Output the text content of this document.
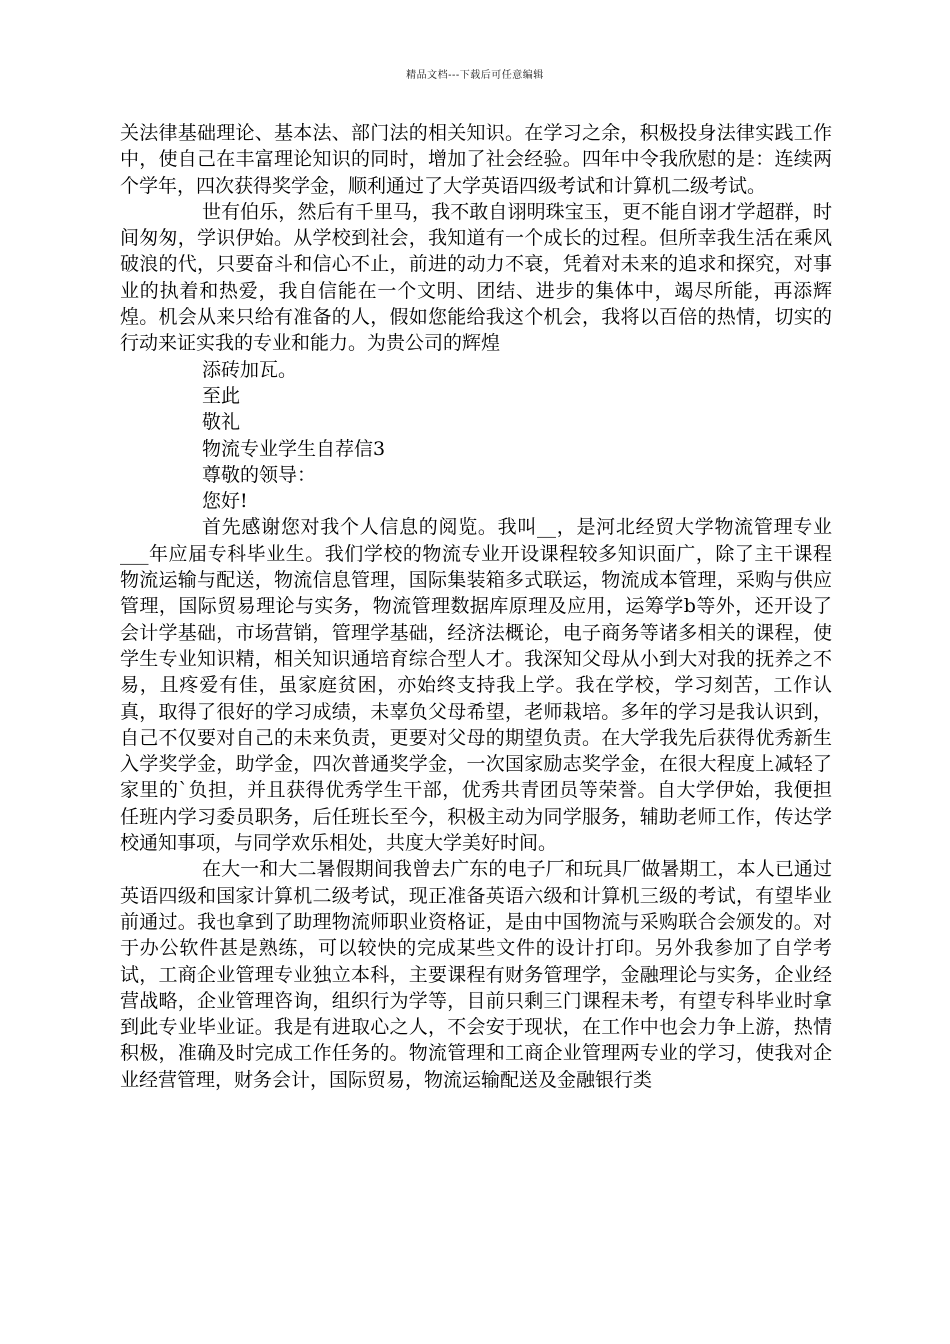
精品文档---下载后可任意编辑

关法律基础理论、基本法、部门法的相关知识。在学习之余，积极投身法律实践工作中，使自己在丰富理论知识的同时，增加了社会经验。四年中令我欣慰的是：连续两个学年，四次获得奖学金，顺利通过了大学英语四级考试和计算机二级考试。

世有伯乐，然后有千里马，我不敢自诩明珠宝玉，更不能自诩才学超群，时间匆匆，学识伊始。从学校到社会，我知道有一个成长的过程。但所幸我生活在乘风破浪的代，只要奋斗和信心不止，前进的动力不衰，凭着对未来的追求和探究，对事业的执着和热爱，我自信能在一个文明、团结、进步的集体中，竭尽所能，再添辉煌。机会从来只给有准备的人，假如您能给我这个机会，我将以百倍的热情，切实的行动来证实我的专业和能力。为贵公司的辉煌

添砖加瓦。

至此

敬礼

物流专业学生自荐信3

尊敬的领导：

您好!

首先感谢您对我个人信息的阅览。我叫__，是河北经贸大学物流管理专业___年应届专科毕业生。我们学校的物流专业开设课程较多知识面广，除了主干课程物流运输与配送，物流信息管理，国际集装箱多式联运，物流成本管理，采购与供应管理，国际贸易理论与实务，物流管理数据库原理及应用，运筹学b等外，还开设了会计学基础，市场营销，管理学基础，经济法概论，电子商务等诸多相关的课程，使学生专业知识精，相关知识通培育综合型人才。我深知父母从小到大对我的抚养之不易，且疼爱有佳，虽家庭贫困，亦始终支持我上学。我在学校，学习刻苦，工作认真，取得了很好的学习成绩，未辜负父母希望，老师栽培。多年的学习是我认识到，自己不仅要对自己的未来负责，更要对父母的期望负责。在大学我先后获得优秀新生入学奖学金，助学金，四次普通奖学金，一次国家励志奖学金，在很大程度上减轻了家里的`负担，并且获得优秀学生干部，优秀共青团员等荣誉。自大学伊始，我便担任班内学习委员职务，后任班长至今，积极主动为同学服务，辅助老师工作，传达学校通知事项，与同学欢乐相处，共度大学美好时间。

在大一和大二暑假期间我曾去广东的电子厂和玩具厂做暑期工，本人已通过英语四级和国家计算机二级考试，现正准备英语六级和计算机三级的考试，有望毕业前通过。我也拿到了助理物流师职业资格证，是由中国物流与采购联合会颁发的。对于办公软件甚是熟练，可以较快的完成某些文件的设计打印。另外我参加了自学考试，工商企业管理专业独立本科，主要课程有财务管理学，金融理论与实务，企业经营战略，企业管理咨询，组织行为学等，目前只剩三门课程未考，有望专科毕业时拿到此专业毕业证。我是有进取心之人，不会安于现状，在工作中也会力争上游，热情积极，准确及时完成工作任务的。物流管理和工商企业管理两专业的学习，使我对企业经营管理，财务会计，国际贸易，物流运输配送及金融银行类
